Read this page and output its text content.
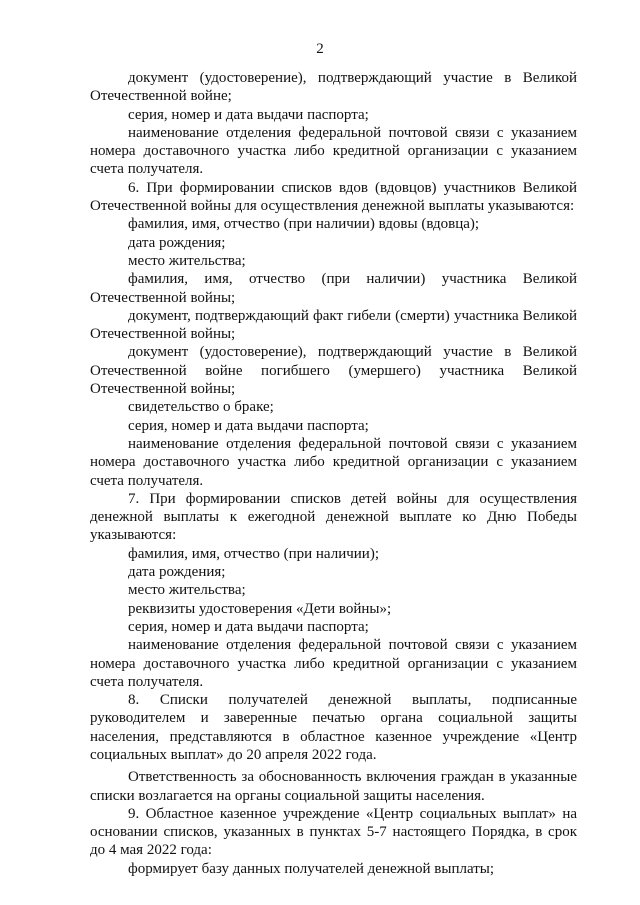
2

документ (удостоверение), подтверждающий участие в Великой Отечественной войне;

серия, номер и дата выдачи паспорта;

наименование отделения федеральной почтовой связи с указанием номера доставочного участка либо кредитной организации с указанием счета получателя.

6. При формировании списков вдов (вдовцов) участников Великой Отечественной войны для осуществления денежной выплаты указываются:

фамилия, имя, отчество (при наличии) вдовы (вдовца);

дата рождения;

место жительства;

фамилия, имя, отчество (при наличии) участника Великой Отечественной войны;

документ, подтверждающий факт гибели (смерти) участника Великой Отечественной войны;

документ (удостоверение), подтверждающий участие в Великой Отечественной войне погибшего (умершего) участника Великой Отечественной войны;

свидетельство о браке;

серия, номер и дата выдачи паспорта;

наименование отделения федеральной почтовой связи с указанием номера доставочного участка либо кредитной организации с указанием счета получателя.

7. При формировании списков детей войны для осуществления денежной выплаты к ежегодной денежной выплате ко Дню Победы указываются:

фамилия, имя, отчество (при наличии);

дата рождения;

место жительства;

реквизиты удостоверения «Дети войны»;

серия, номер и дата выдачи паспорта;

наименование отделения федеральной почтовой связи с указанием номера доставочного участка либо кредитной организации с указанием счета получателя.

8. Списки получателей денежной выплаты, подписанные руководителем и заверенные печатью органа социальной защиты населения, представляются в областное казенное учреждение «Центр социальных выплат» до 20 апреля 2022 года.

Ответственность за обоснованность включения граждан в указанные списки возлагается на органы социальной защиты населения.

9. Областное казенное учреждение «Центр социальных выплат» на основании списков, указанных в пунктах 5-7 настоящего Порядка, в срок до 4 мая 2022 года:

формирует базу данных получателей денежной выплаты;
